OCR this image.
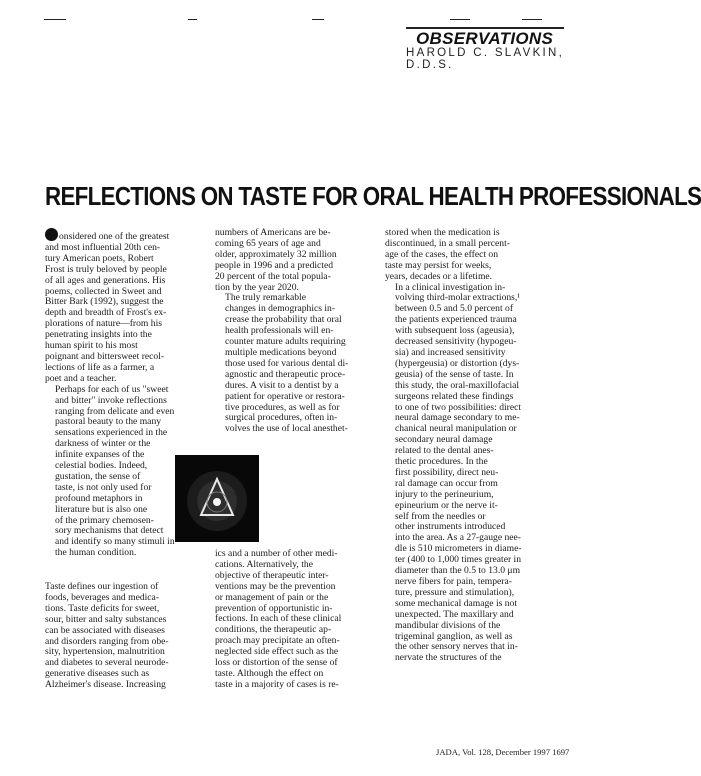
OBSERVATIONS
HAROLD C. SLAVKIN, D.D.S.
REFLECTIONS ON TASTE FOR ORAL HEALTH PROFESSIONALS

onsidered one of the greatest
and most influential 20th cen-
tury American poets, Robert
Frost is truly beloved by people
of all ages and generations. His
poems, collected in Sweet and
Bitter Bark (1992), suggest the
depth and breadth of Frost's ex-
plorations of nature—from his
penetrating insights into the
human spirit to his most
poignant and bittersweet recol-
lections of life as a farmer, a
poet and a teacher.

Perhaps for each of us "sweet
and bitter" invoke reflections
ranging from delicate and even
pastoral beauty to the many
sensations experienced in the
darkness of winter or the
infinite expanses of the
celestial bodies. Indeed,
gustation, the sense of
taste, is not only used for
profound metaphors in
literature but is also one
of the primary chemosen-
sory mechanisms that detect
and identify so many stimuli in
the human condition.

Taste defines our ingestion of
foods, beverages and medica-
tions. Taste deficits for sweet,
sour, bitter and salty substances
can be associated with diseases
and disorders ranging from obe-
sity, hypertension, malnutrition
and diabetes to several neurode-
generative diseases such as
Alzheimer's disease. Increasing

numbers of Americans are be-
coming 65 years of age and
older, approximately 32 million
people in 1996 and a predicted
20 percent of the total popula-
tion by the year 2020.

The truly remarkable
changes in demographics in-
crease the probability that oral
health professionals will en-
counter mature adults requiring
multiple medications beyond
those used for various dental di-
agnostic and therapeutic proce-
dures. A visit to a dentist by a
patient for operative or restora-
tive procedures, as well as for
surgical procedures, often in-
volves the use of local anesthet-

ics and a number of other medi-
cations. Alternatively, the
objective of therapeutic inter-
ventions may be the prevention
or management of pain or the
prevention of opportunistic in-
fections. In each of these clinical
conditions, the therapeutic ap-
proach may precipitate an often-
neglected side effect such as the
loss or distortion of the sense of
taste. Although the effect on
taste in a majority of cases is re-

stored when the medication is
discontinued, in a small percent-
age of the cases, the effect on
taste may persist for weeks,
years, decades or a lifetime.

In a clinical investigation in-
volving third-molar extractions,¹
between 0.5 and 5.0 percent of
the patients experienced trauma
with subsequent loss (ageusia),
decreased sensitivity (hypogeu-
sia) and increased sensitivity
(hypergeusia) or distortion (dys-
geusia) of the sense of taste. In
this study, the oral-maxillofacial
surgeons related these findings
to one of two possibilities: direct
neural damage secondary to me-
chanical neural manipulation or
secondary neural damage
related to the dental anes-
thetic procedures. In the
first possibility, direct neu-
ral damage can occur from
injury to the perineurium,
epineurium or the nerve it-
self from the needles or
other instruments introduced
into the area. As a 27-gauge nee-
dle is 510 micrometers in diame-
ter (400 to 1,000 times greater in
diameter than the 0.5 to 13.0 μm
nerve fibers for pain, tempera-
ture, pressure and stimulation),
some mechanical damage is not
unexpected. The maxillary and
mandibular divisions of the
trigeminal ganglion, as well as
the other sensory nerves that in-
nervate the structures of the

JADA, Vol. 128, December 1997 1697
